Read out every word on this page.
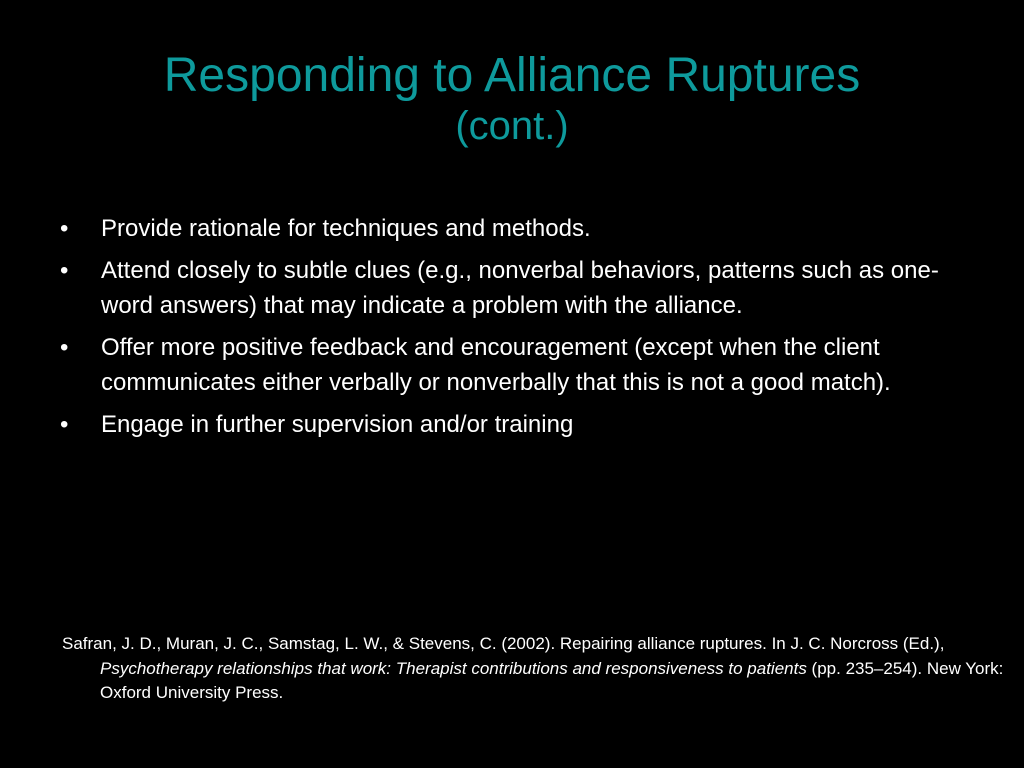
Responding to Alliance Ruptures
(cont.)
• Provide rationale for techniques and methods.
• Attend closely to subtle clues (e.g., nonverbal behaviors, patterns such as one-word answers) that may indicate a problem with the alliance.
• Offer more positive feedback and encouragement (except when the client communicates either verbally or nonverbally that this is not a good match).
• Engage in further supervision and/or training
Safran, J. D., Muran, J. C., Samstag, L. W., & Stevens, C. (2002). Repairing alliance ruptures. In J. C. Norcross (Ed.), Psychotherapy relationships that work: Therapist contributions and responsiveness to patients (pp. 235–254). New York: Oxford University Press.
